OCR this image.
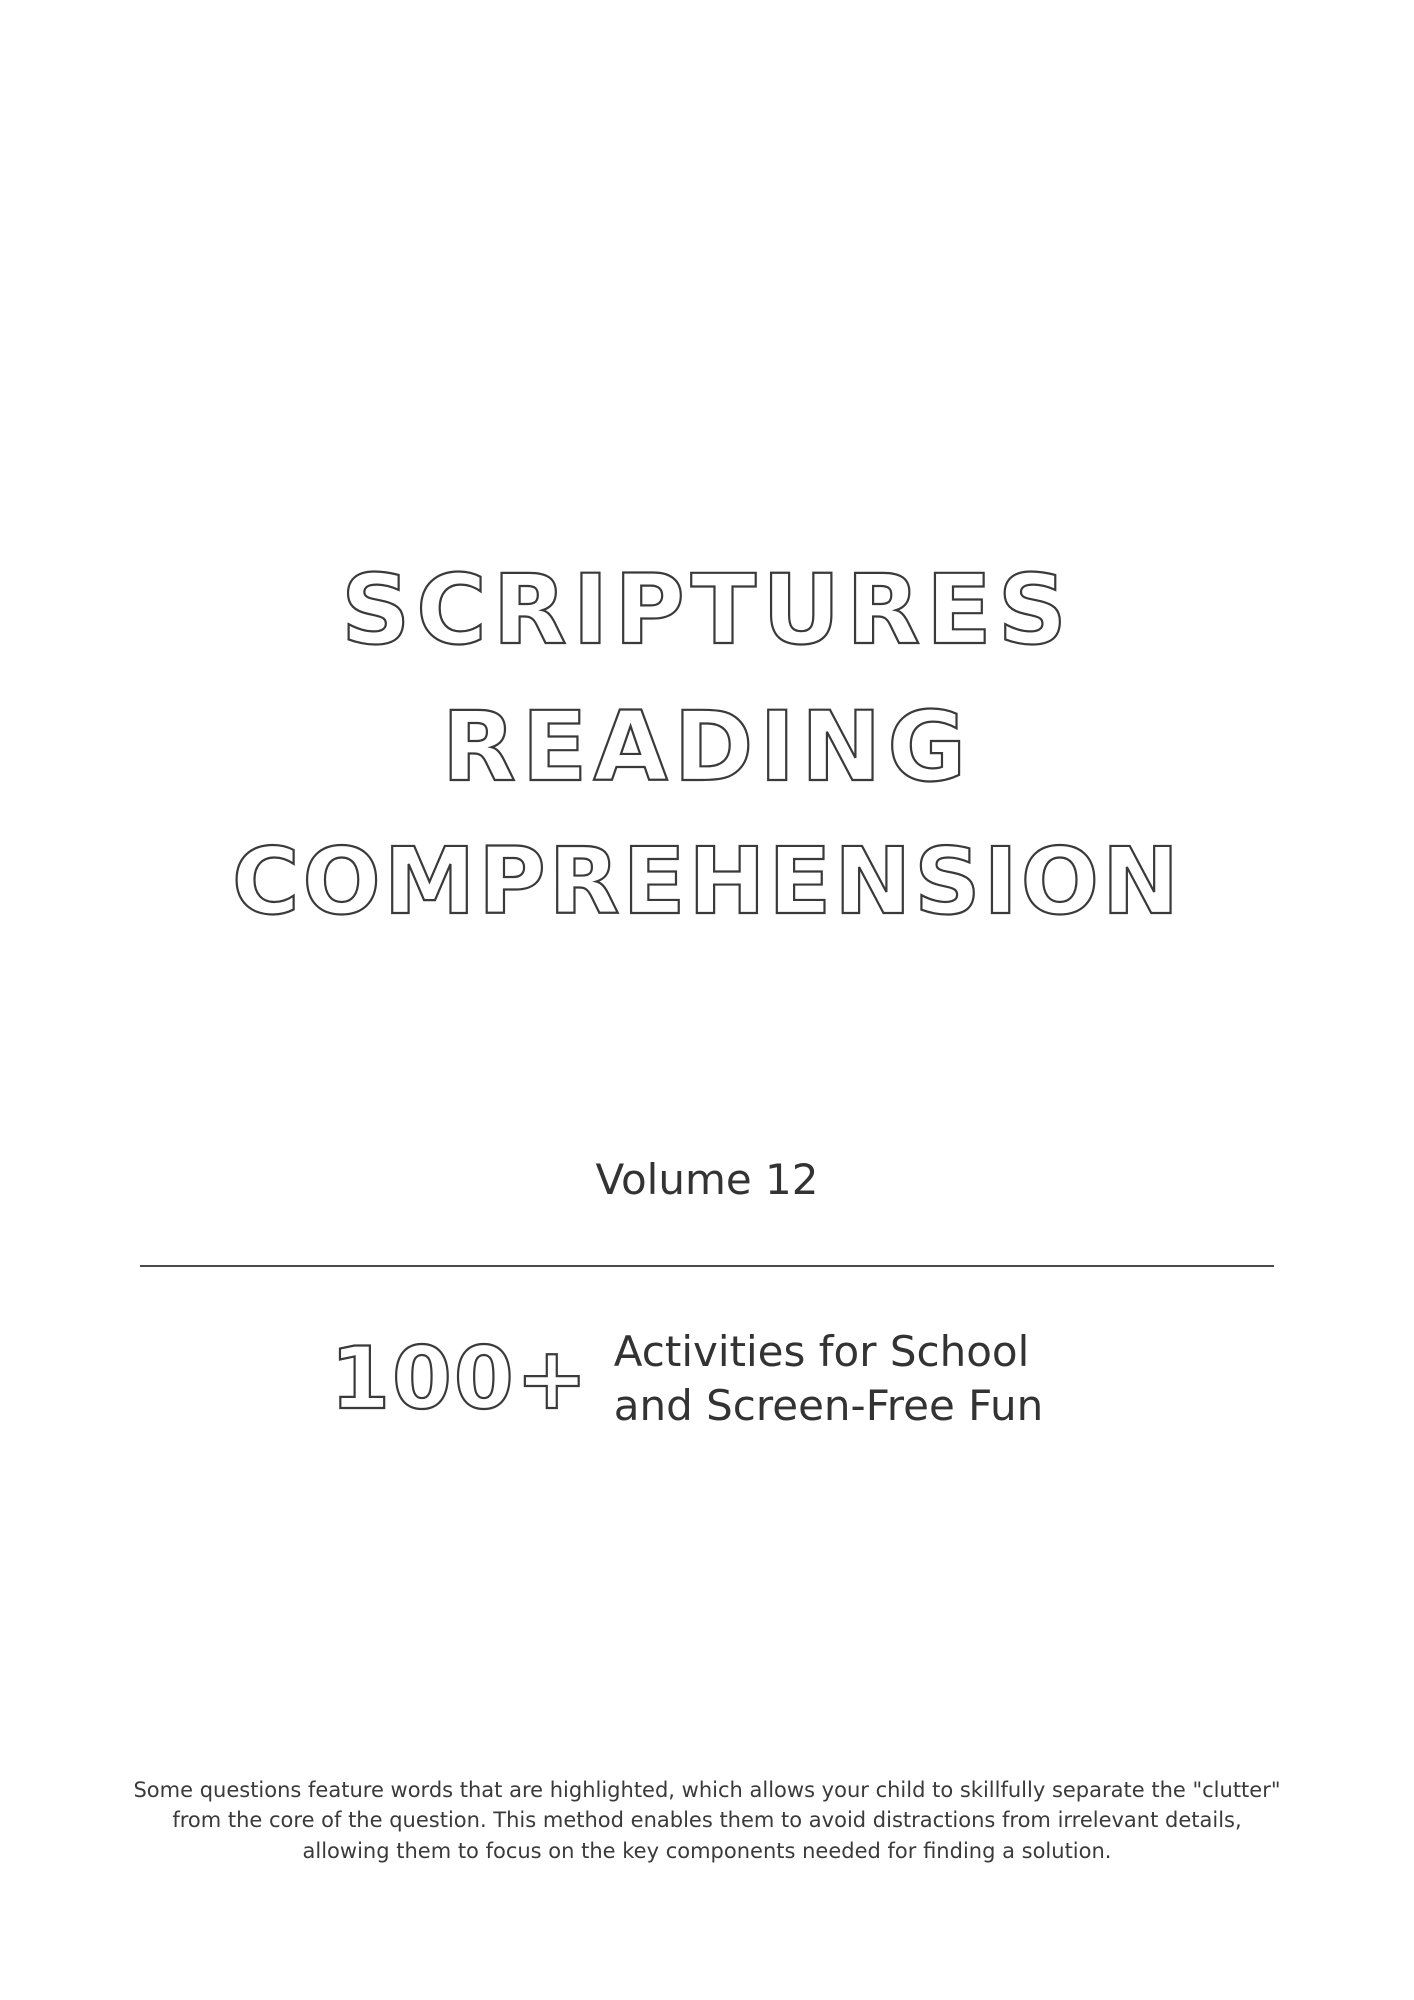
SCRIPTURES
READING
COMPREHENSION
Volume 12
100+ Activities for School and Screen-Free Fun
Some questions feature words that are highlighted, which allows your child to skillfully separate the "clutter"
from the core of the question. This method enables them to avoid distractions from irrelevant details,
allowing them to focus on the key components needed for finding a solution.
